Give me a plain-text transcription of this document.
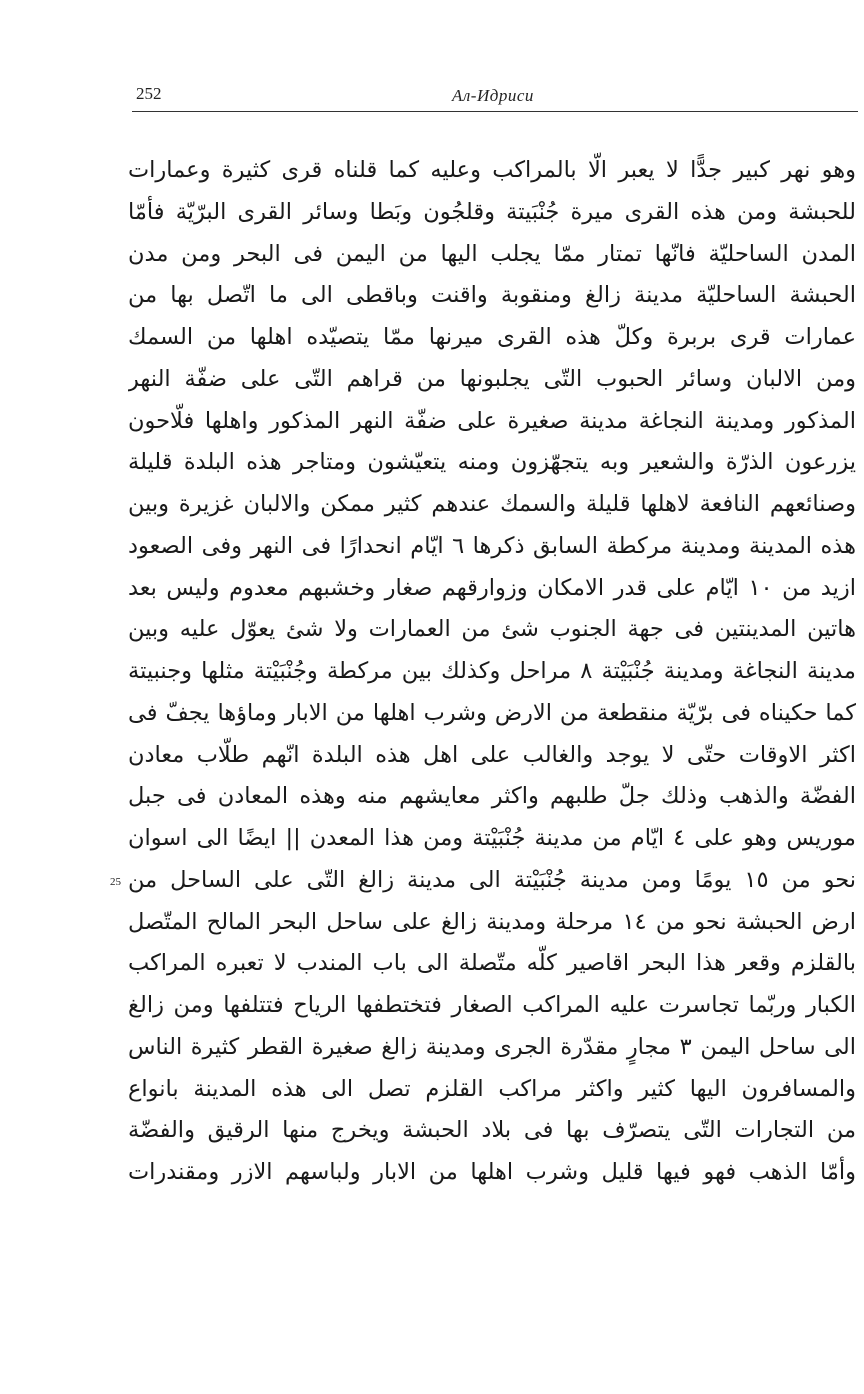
252	Ал-Идриси
25
وهو نهر كبير جدًّا لا يعبر الّا بالمراكب وعليه كما قلناه قرى كثيرة وعمارات
للحبشة ومن هذه القرى ميرة جُنْبَيتة وقلجُون وبَطا وسائر القرى البرّيّة فأمّا
المدن الساحليّة فانّها تمتار ممّا يجلب اليها من اليمن فى البحر ومن مدن
الحبشة الساحليّة مدينة زالغ ومنقوبة واقنت وباقطى الى ما اتّصل بها من
عمارات قرى بربرة وكلّ هذه القرى ميرنها ممّا يتصيّده اهلها من السمك
ومن الالبان وسائر الحبوب التّى يجلبونها من قراهم التّى على ضفّة النهر
المذكور ومدينة النجاغة مدينة صغيرة على ضفّة النهر المذكور واهلها فلّاحون
يزرعون الذرّة والشعير وبه يتجهّزون ومنه يتعيّشون ومتاجر هذه البلدة قليلة
وصنائعهم النافعة لاهلها قليلة والسمك عندهم كثير ممكن والالبان غزيرة وبين
هذه المدينة ومدينة مركطة السابق ذكرها ٦ ايّام انحدارًا فى النهر وفى الصعود
ازيد من ١٠ ايّام على قدر الامكان وزوارقهم صغار وخشبهم معدوم وليس بعد
هاتين المدينتين فى جهة الجنوب شئ من العمارات ولا شئ يعوّل عليه وبين
مدينة النجاغة ومدينة جُنْبَيْتة ٨ مراحل وكذلك بين مركطة وجُنْبَيْتة مثلها وجنبيتة
كما حكيناه فى برّيّة منقطعة من الارض وشرب اهلها من الابار وماؤها يجفّ فى
اكثر الاوقات حتّى لا يوجد والغالب على اهل هذه البلدة انّهم طلّاب معادن
الفضّة والذهب وذلك جلّ طلبهم واكثر معايشهم منه وهذه المعادن فى جبل
موريس وهو على ٤ ايّام من مدينة جُنْبَيْتة ومن هذا المعدن || ايضًا الى اسوان
نحو من ١٥ يومًا ومن مدينة جُنْبَيْتة الى مدينة زالغ التّى على الساحل من
ارض الحبشة نحو من ١٤ مرحلة ومدينة زالغ على ساحل البحر المالح المتّصل
بالقلزم وقعر هذا البحر اقاصير كلّه متّصلة الى باب المندب لا تعبره المراكب
الكبار وربّما تجاسرت عليه المراكب الصغار فتختطفها الرياح فتتلفها ومن زالغ
الى ساحل اليمن ٣ مجارٍ مقدّرة الجرى ومدينة زالغ صغيرة القطر كثيرة الناس
والمسافرون اليها كثير واكثر مراكب القلزم تصل الى هذه المدينة بانواع
من التجارات التّى يتصرّف بها فى بلاد الحبشة ويخرج منها الرقيق والفضّة
وأمّا الذهب فهو فيها قليل وشرب اهلها من الابار ولباسهم الازر ومقندرات
